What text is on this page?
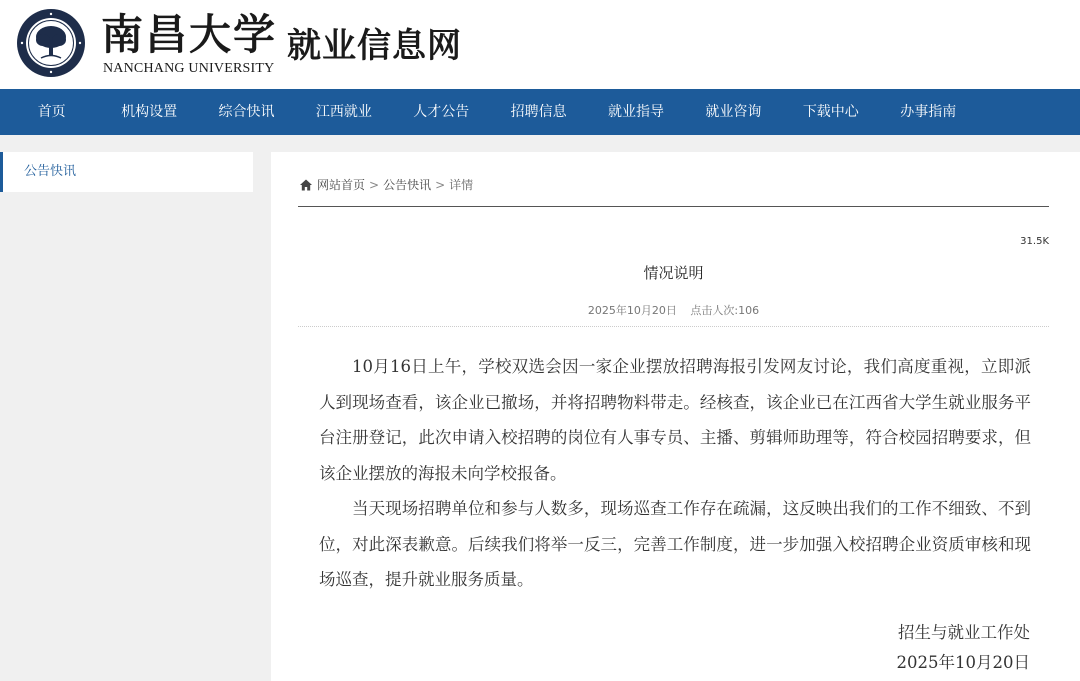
南昌大学
NANCHANG UNIVERSITY
就业信息网
首页	机构设置	综合快讯	江西就业	人才公告	招聘信息	就业指导	就业咨询	下载中心	办事指南
公告快讯
网站首页 > 公告快讯 > 详情
31.5K
情况说明
2025年10月20日 点击人次:106

10月16日上午，学校双选会因一家企业摆放招聘海报引发网友讨论，我们高度重视，立即派人到现场查看，该企业已撤场，并将招聘物料带走。经核查，该企业已在江西省大学生就业服务平台注册登记，此次申请入校招聘的岗位有人事专员、主播、剪辑师助理等，符合校园招聘要求，但该企业摆放的海报未向学校报备。

当天现场招聘单位和参与人数多，现场巡查工作存在疏漏，这反映出我们的工作不细致、不到位，对此深表歉意。后续我们将举一反三，完善工作制度，进一步加强入校招聘企业资质审核和现场巡查，提升就业服务质量。

招生与就业工作处
2025年10月20日
